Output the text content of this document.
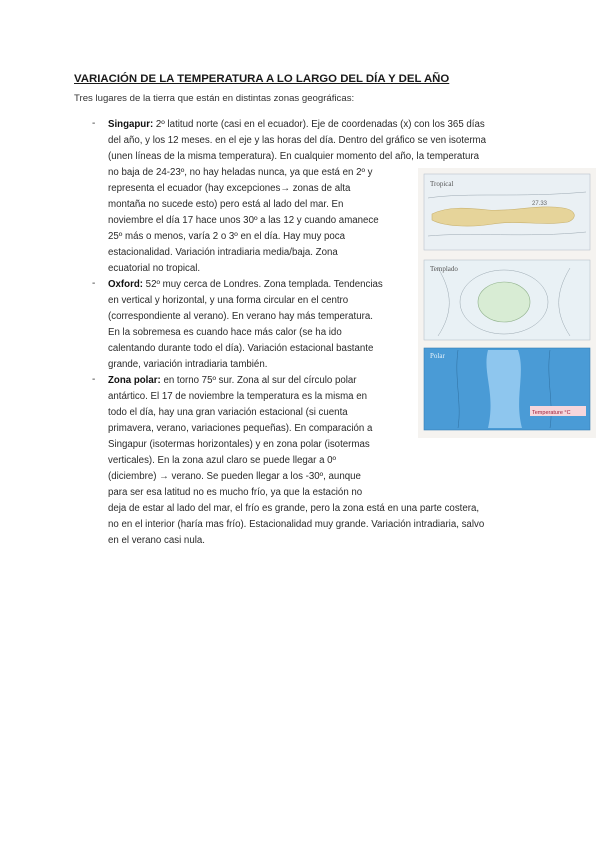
VARIACIÓN DE LA TEMPERATURA A LO LARGO DEL DÍA Y DEL AÑO
Tres lugares de la tierra que están en distintas zonas geográficas:
- Singapur: 2º latitud norte (casi en el ecuador). Eje de coordenadas (x) con los 365 días
del año, y los 12 meses. en el eje y las horas del día. Dentro del gráfico se ven isoterma
(unen líneas de la misma temperatura). En cualquier momento del año, la temperatura
no baja de 24-23º, no hay heladas nunca, ya que está en 2º y
representa el ecuador (hay excepciones→ zonas de alta
montaña no sucede esto) pero está al lado del mar. En
noviembre el día 17 hace unos 30º a las 12 y cuando amanece
25º más o menos, varía 2 o 3º en el día. Hay muy poca
estacionalidad. Variación intradiaria media/baja. Zona
ecuatorial no tropical.
- Oxford: 52º muy cerca de Londres. Zona templada. Tendencias
en vertical y horizontal, y una forma circular en el centro
(correspondiente al verano). En verano hay más temperatura.
En la sobremesa es cuando hace más calor (se ha ido
calentando durante todo el día). Variación estacional bastante
grande, variación intradiaria también.
- Zona polar: en torno 75º sur. Zona al sur del círculo polar
antártico. El 17 de noviembre la temperatura es la misma en
todo el día, hay una gran variación estacional (si cuenta
primavera, verano, variaciones pequeñas). En comparación a
Singapur (isotermas horizontales) y en zona polar (isotermas
verticales). En la zona azul claro se puede llegar a 0º
(diciembre) → verano. Se pueden llegar a los -30º, aunque
para ser esa latitud no es mucho frío, ya que la estación no
deja de estar al lado del mar, el frío es grande, pero la zona está en una parte costera,
no en el interior (haría mas frío). Estacionalidad muy grande. Variación intradiaria, salvo
en el verano casi nula.
Tropical
27.33
Templado
Polar
Temperature °C
